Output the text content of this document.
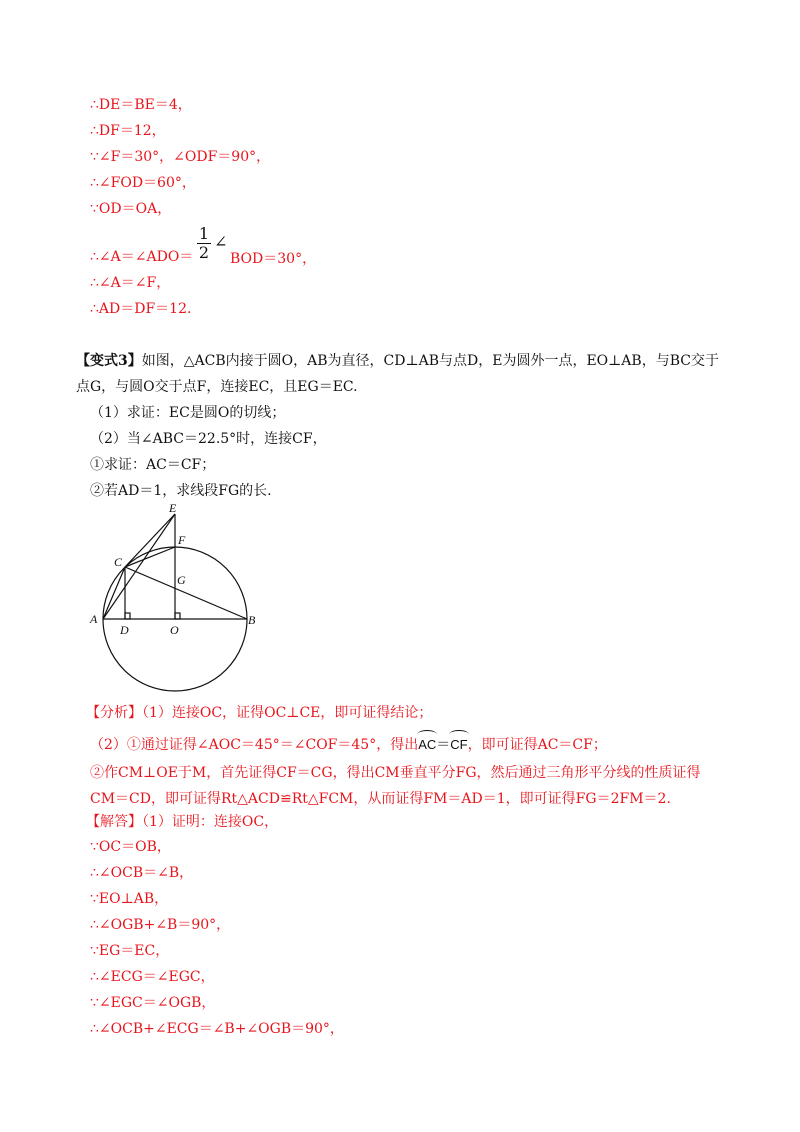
∴DE＝BE＝4，
∴DF＝12，
∵∠F＝30°，∠ODF＝90°，
∴∠FOD＝60°，
∵OD＝OA，
∴∠A＝∠ADO＝ $\frac{1}{2}$ ∠
BOD＝30°，
∴∠A＝∠F，
∴AD＝DF＝12.
【变式3】如图，△ACB内接于圆O，AB为直径，CD⊥AB与点D，E为圆外一点，EO⊥AB，与BC交于
点G，与圆O交于点F，连接EC，且EG＝EC.
（1）求证：EC是圆O的切线；
（2）当∠ABC＝22.5°时，连接CF，
①求证：AC＝CF；
②若AD＝1，求线段FG的长.
E
F
C
G
A	B
D	O
【分析】（1）连接OC，证得OC⊥CE，即可证得结论；
（2）①通过证得∠AOC＝45°＝∠COF＝45°，得出AC＝CF，即可证得AC＝CF；
②作CM⊥OE于M，首先证得CF＝CG，得出CM垂直平分FG，然后通过三角形平分线的性质证得
CM＝CD，即可证得Rt△ACD≌Rt△FCM，从而证得FM＝AD＝1，即可证得FG＝2FM＝2.
【解答】（1）证明：连接OC，
∵OC＝OB，
∴∠OCB＝∠B，
∵EO⊥AB，
∴∠OGB+∠B＝90°，
∵EG＝EC，
∴∠ECG＝∠EGC，
∵∠EGC＝∠OGB，
∴∠OCB+∠ECG＝∠B+∠OGB＝90°，
